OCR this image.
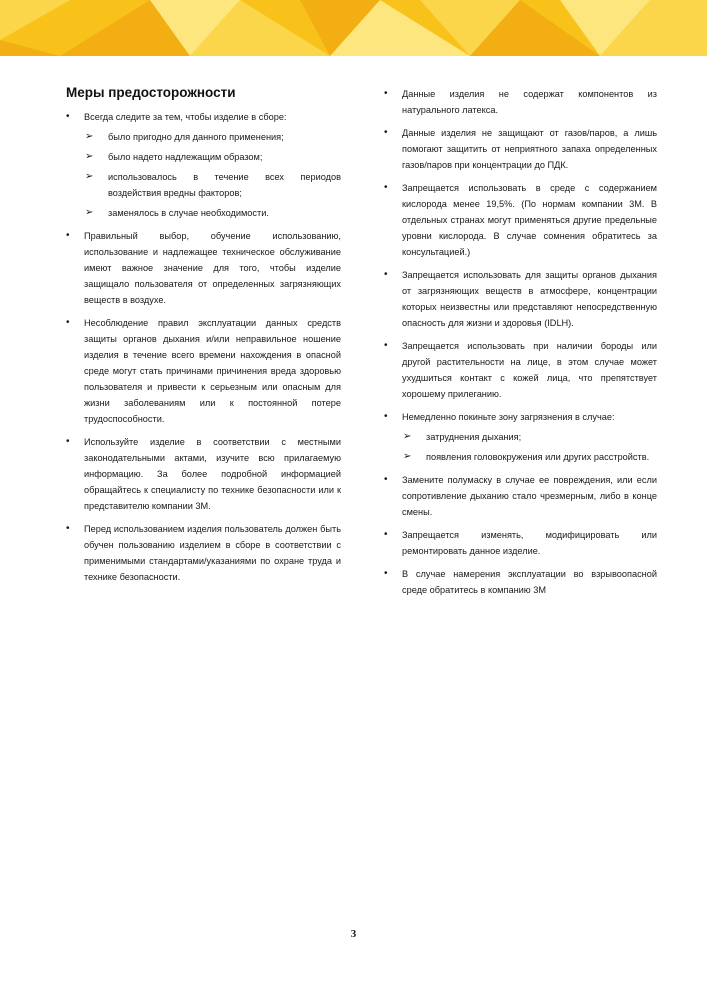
Меры предосторожности
• Всегда следите за тем, чтобы изделие в сборе:
➢ было пригодно для данного применения;
➢ было надето надлежащим образом;
➢ использовалось в течение всех периодов воздействия вредны факторов;
➢ заменялось в случае необходимости.
• Правильный выбор, обучение использованию, использование и надлежащее техническое обслуживание имеют важное значение для того, чтобы изделие защищало пользователя от определенных загрязняющих веществ в воздухе.
• Несоблюдение правил эксплуатации данных средств защиты органов дыхания и/или неправильное ношение изделия в течение всего времени нахождения в опасной среде могут стать причинами причинения вреда здоровью пользователя и привести к серьезным или опасным для жизни заболеваниям или к постоянной потере трудоспособности.
• Используйте изделие в соответствии с местными законодательными актами, изучите всю прилагаемую информацию. За более подробной информацией обращайтесь к специалисту по технике безопасности или к представителю компании 3М.
• Перед использованием изделия пользователь должен быть обучен пользованию изделием в сборе в соответствии с применимыми стандартами/указаниями по охране труда и технике безопасности.
• Данные изделия не содержат компонентов из натурального латекса.
• Данные изделия не защищают от газов/паров, а лишь помогают защитить от неприятного запаха определенных газов/паров при концентрации до ПДК.
• Запрещается использовать в среде с содержанием кислорода менее 19,5%. (По нормам компании 3М. В отдельных странах могут применяться другие предельные уровни кислорода. В случае сомнения обратитесь за консультацией.)
• Запрещается использовать для защиты органов дыхания от загрязняющих веществ в атмосфере, концентрации которых неизвестны или представляют непосредственную опасность для жизни и здоровья (IDLH).
• Запрещается использовать при наличии бороды или другой растительности на лице, в этом случае может ухудшиться контакт с кожей лица, что препятствует хорошему прилеганию.
• Немедленно покиньте зону загрязнения в случае:
➢ затруднения дыхания;
➢ появления головокружения или других расстройств.
• Замените полумаску в случае ее повреждения, или если сопротивление дыханию стало чрезмерным, либо в конце смены.
• Запрещается изменять, модифицировать или ремонтировать данное изделие.
• В случае намерения эксплуатации во взрывоопасной среде обратитесь в компанию 3М
3
